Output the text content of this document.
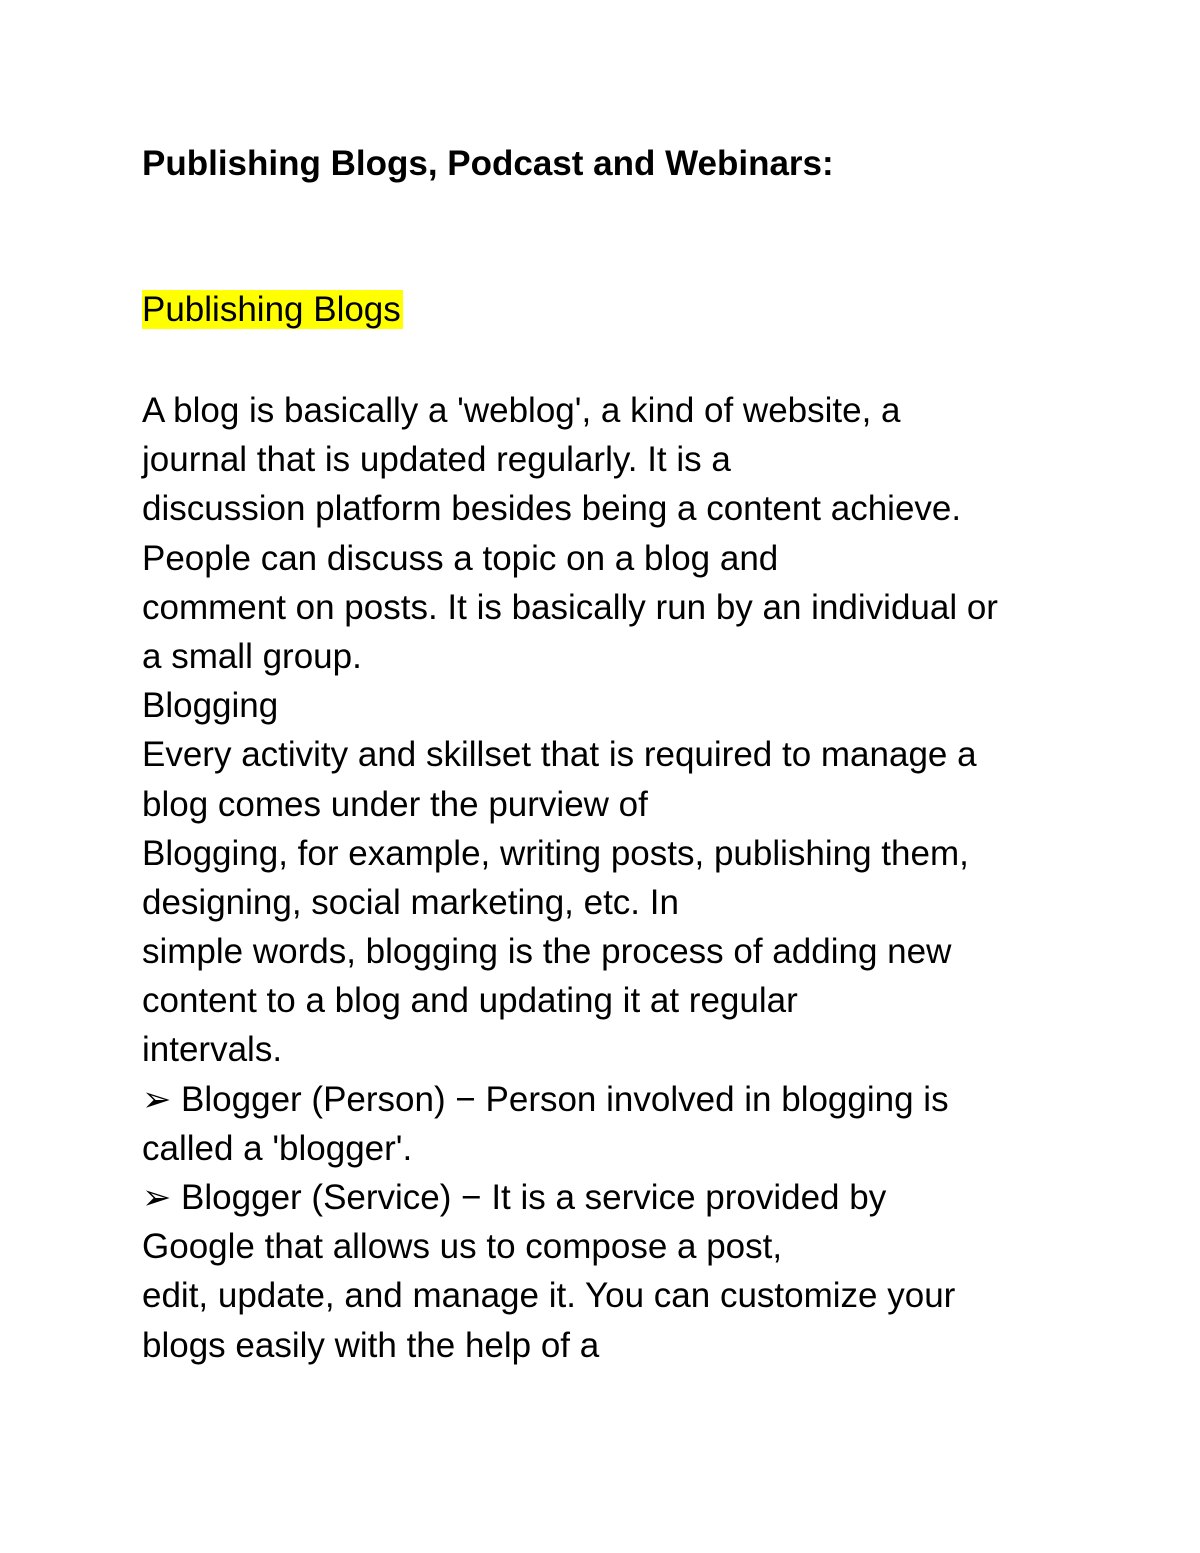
Publishing Blogs, Podcast and Webinars:
Publishing Blogs
A blog is basically a 'weblog', a kind of website, a
journal that is updated regularly. It is a
discussion platform besides being a content achieve.
People can discuss a topic on a blog and
comment on posts. It is basically run by an individual or
a small group.
Blogging
Every activity and skillset that is required to manage a
blog comes under the purview of
Blogging, for example, writing posts, publishing them,
designing, social marketing, etc. In
simple words, blogging is the process of adding new
content to a blog and updating it at regular
intervals.
➢ Blogger (Person) − Person involved in blogging is
called a 'blogger'.
➢ Blogger (Service) − It is a service provided by
Google that allows us to compose a post,
edit, update, and manage it. You can customize your
blogs easily with the help of a
